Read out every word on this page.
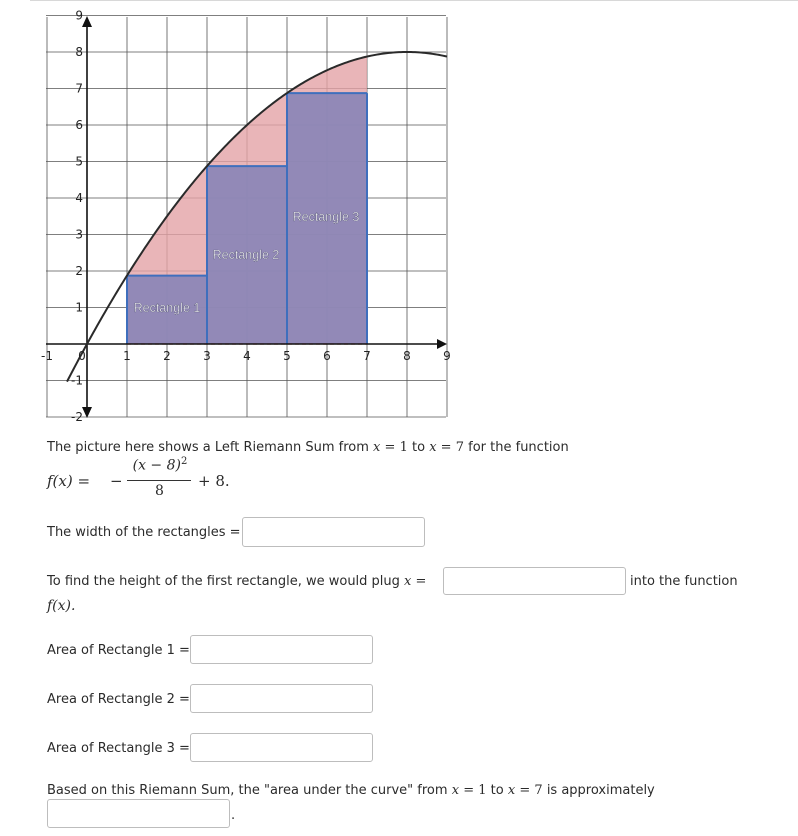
-1 0	1	2	3	4	5	6	7	8	9
-2
-1
1
2
3
4
5
6
7
8
9
Rectangle 1
Rectangle 2
Rectangle 3
The picture here shows a Left Riemann Sum from x = 1 to x = 7 for the function
f(x) = −
$(x - 8)^2$
8
+ 8.
The width of the rectangles =
To find the height of the first rectangle, we would plug x =	into the function
f(x).
Area of Rectangle 1 =
Area of Rectangle 2 =
Area of Rectangle 3 =
Based on this Riemann Sum, the "area under the curve" from x = 1 to x = 7 is approximately
.
